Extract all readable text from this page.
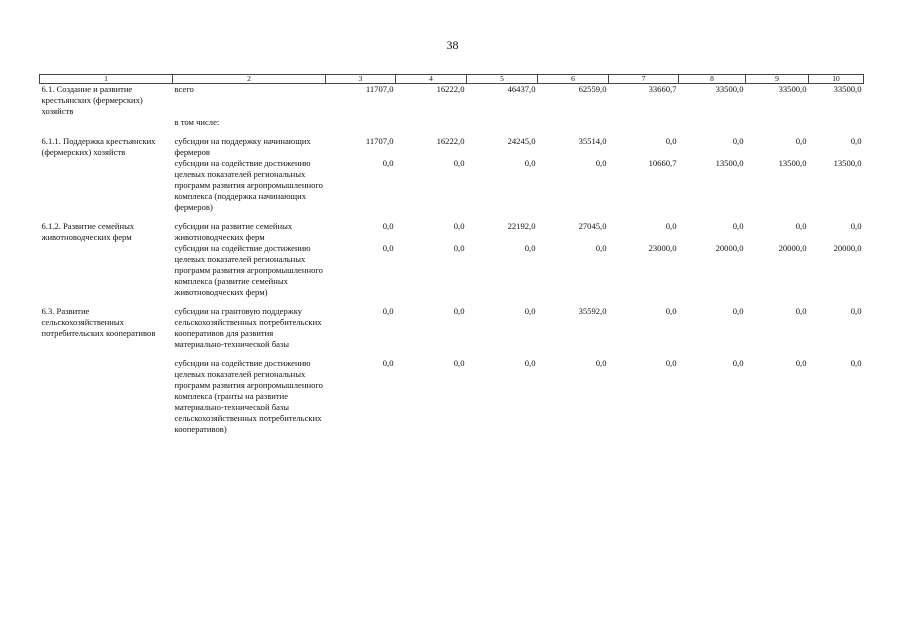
38
1	2	3	4	5	6	7	8	9	10
6.1. Создание и развитие крестьянских (фермерских) хозяйств	всего	11707,0	16222,0	46437,0	62559,0	33660,7	33500,0	33500,0	33500,0
	в том числе:								

6.1.1. Поддержка крестьянских (фермерских) хозяйств	субсидии на поддержку начинающих фермеров	11707,0	16222,0	24245,0	35514,0	0,0	0,0	0,0	0,0
	субсидии на содействие достижению целевых показателей региональных программ развития агропромышленного комплекса (поддержка начинающих фермеров)	0,0	0,0	0,0	0,0	10660,7	13500,0	13500,0	13500,0

6.1.2. Развитие семейных животноводческих ферм	субсидии на развитие семейных животноводческих ферм	0,0	0,0	22192,0	27045,0	0,0	0,0	0,0	0,0
	субсидии на содействие достижению целевых показателей региональных программ развития агропромышленного комплекса (развитие семейных животноводческих ферм)	0,0	0,0	0,0	0,0	23000,0	20000,0	20000,0	20000,0

6.3. Развитие сельскохозяйственных потребительских кооперативов	субсидии на грантовую поддержку сельскохозяйственных потребительских кооперативов для развития материально-технической базы	0,0	0,0	0,0	35592,0	0,0	0,0	0,0	0,0

	субсидии на содействие достижению целевых показателей региональных программ развития агропромышленного комплекса (гранты на развитие материально-технической базы сельскохозяйственных потребительских кооперативов)	0,0	0,0	0,0	0,0	0,0	0,0	0,0	0,0
